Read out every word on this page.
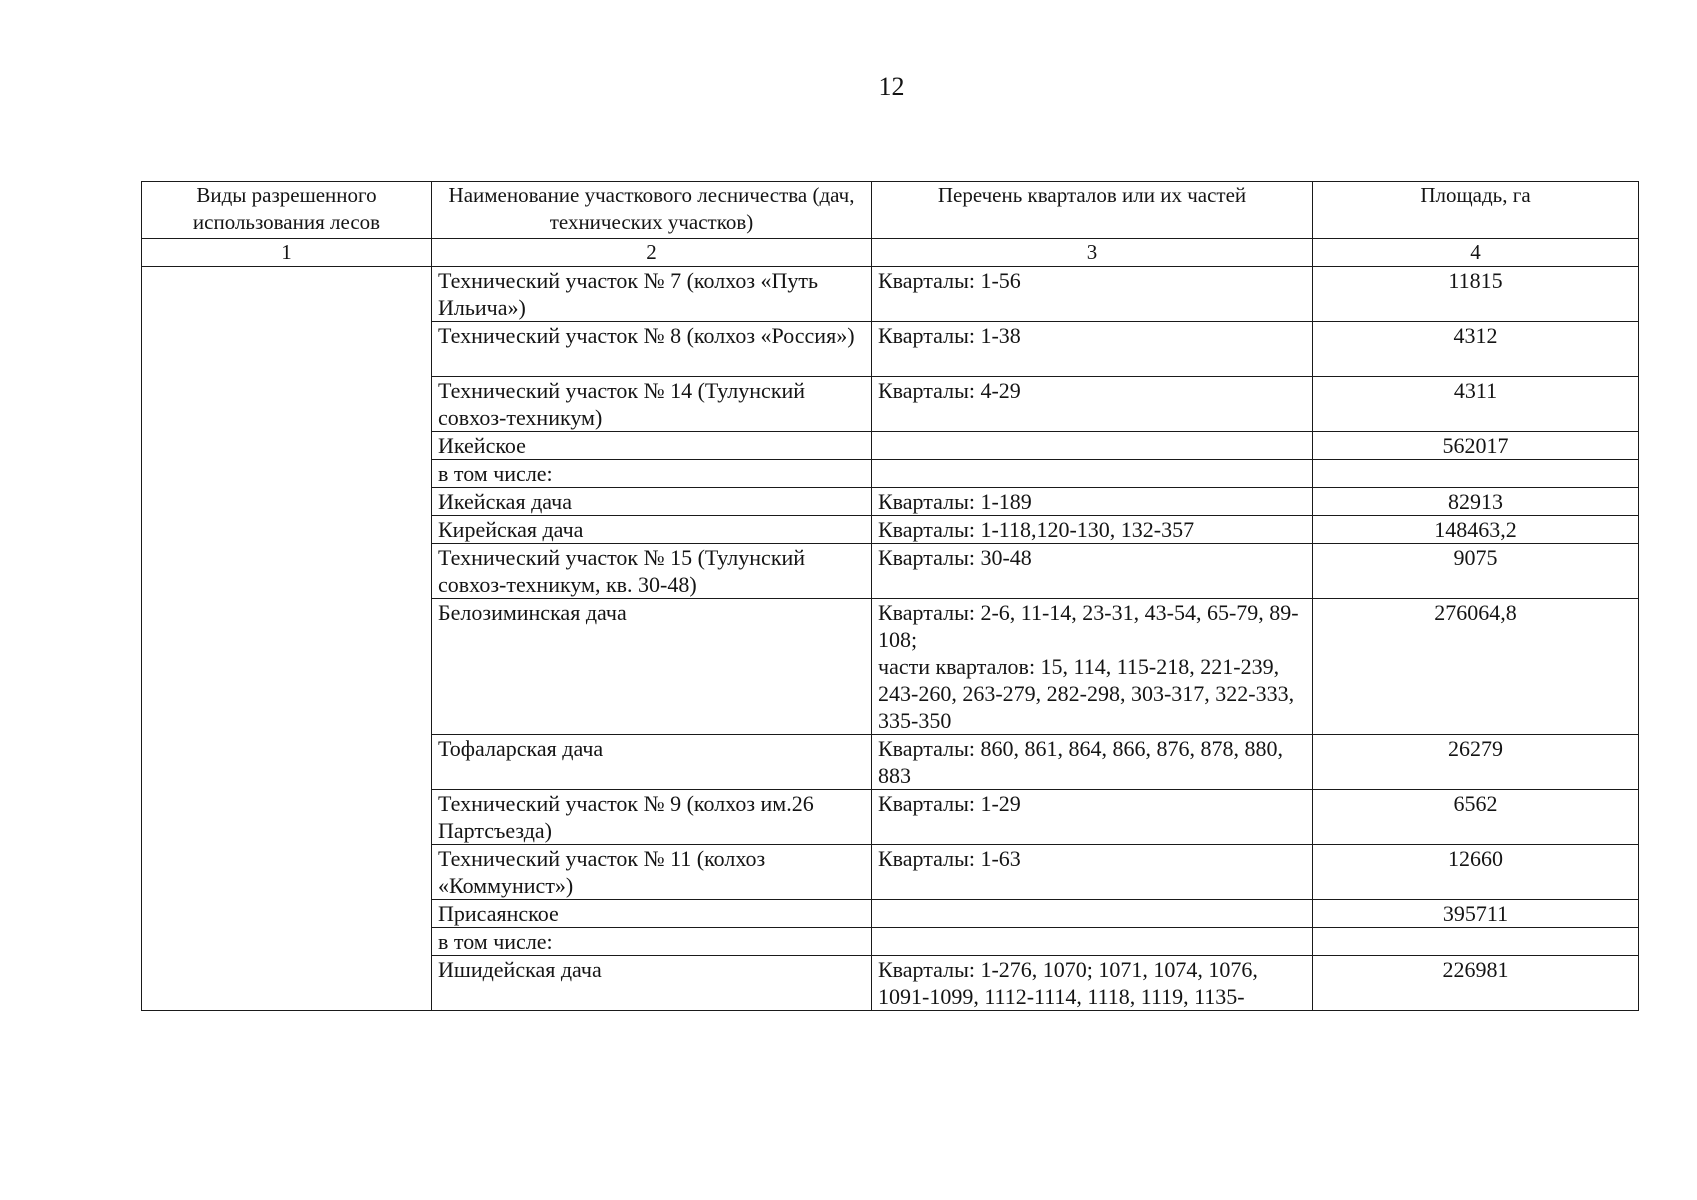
12
Виды разрешенного использования лесов	Наименование участкового лесничества (дач, технических участков)	Перечень кварталов или их частей	Площадь, га
1	2	3	4
	Технический участок № 7 (колхоз «Путь Ильича»)	Кварталы: 1-56	11815
	Технический участок № 8 (колхоз «Россия»)	Кварталы: 1-38	4312
	Технический участок № 14 (Тулунский совхоз-техникум)	Кварталы: 4-29	4311
	Икейское		562017
	в том числе:		
	Икейская дача	Кварталы: 1-189	82913
	Кирейская дача	Кварталы: 1-118,120-130, 132-357	148463,2
	Технический участок № 15 (Тулунский совхоз-техникум, кв. 30-48)	Кварталы: 30-48	9075
	Белозиминская дача	Кварталы: 2-6, 11-14, 23-31, 43-54, 65-79, 89-108;
части кварталов: 15, 114, 115-218, 221-239, 243-260, 263-279, 282-298, 303-317, 322-333, 335-350	276064,8
	Тофаларская дача	Кварталы: 860, 861, 864, 866, 876, 878, 880, 883	26279
	Технический участок № 9 (колхоз им.26 Партсъезда)	Кварталы: 1-29	6562
	Технический участок № 11 (колхоз «Коммунист»)	Кварталы: 1-63	12660
	Присаянское		395711
	в том числе:		
	Ишидейская дача	Кварталы: 1-276, 1070; 1071, 1074, 1076, 1091-1099, 1112-1114, 1118, 1119, 1135-	226981
